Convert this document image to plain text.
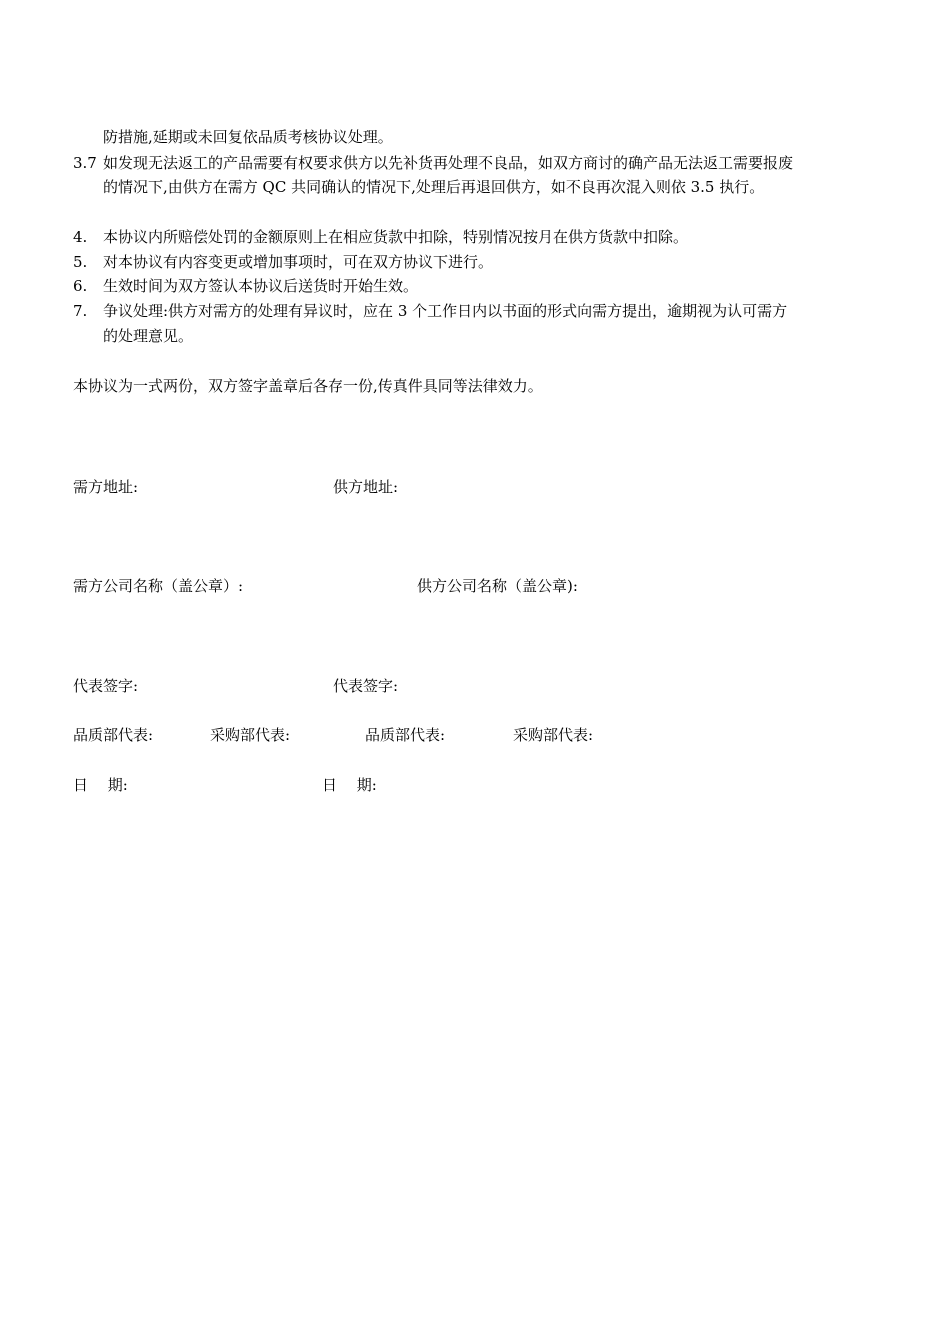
防措施,延期或未回复依品质考核协议处理。
3.7 如发现无法返工的产品需要有权要求供方以先补货再处理不良品，如双方商讨的确产品无法返工需要报废
的情况下,由供方在需方 QC 共同确认的情况下,处理后再退回供方，如不良再次混入则依 3.5 执行。
4. 本协议内所赔偿处罚的金额原则上在相应货款中扣除，特别情况按月在供方货款中扣除。
5. 对本协议有内容变更或增加事项时，可在双方协议下进行。
6. 生效时间为双方签认本协议后送货时开始生效。
7. 争议处理:供方对需方的处理有异议时，应在 3 个工作日内以书面的形式向需方提出，逾期视为认可需方
的处理意见。
本协议为一式两份，双方签字盖章后各存一份,传真件具同等法律效力。
需方地址:	供方地址:
需方公司名称（盖公章）:	供方公司名称（盖公章):
代表签字:	代表签字:
品质部代表:	采购部代表:	品质部代表:	采购部代表:
日　 期:	日　 期:
